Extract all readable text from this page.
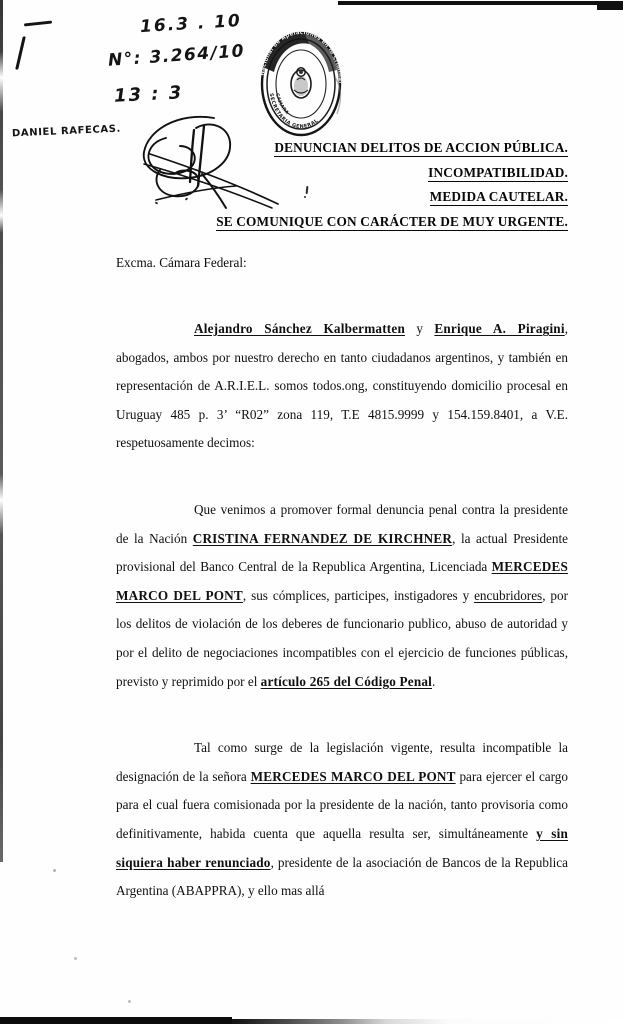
16.3 . 10
N°: 3.264/10
13 : 3
DANIEL RAFECAS.
Nacional de Apelaciones en lo Criminal
SECRETARIA GENERAL
CAMARA
DENUNCIAN DELITOS DE ACCION PÚBLICA.
INCOMPATIBILIDAD.
MEDIDA CAUTELAR.
SE COMUNIQUE CON CARÁCTER DE MUY URGENTE.

Excma. Cámara Federal:

Alejandro Sánchez Kalbermatten y Enrique A. Piragini, abogados, ambos por nuestro derecho en tanto ciudadanos argentinos, y también en representación de A.R.I.E.L. somos todos.ong, constituyendo domicilio procesal en Uruguay 485 p. 3’ “R02” zona 119, T.E 4815.9999 y 154.159.8401, a V.E. respetuosamente decimos:

Que venimos a promover formal denuncia penal contra la presidente de la Nación CRISTINA FERNANDEZ DE KIRCHNER, la actual Presidente provisional del Banco Central de la Republica Argentina, Licenciada MERCEDES MARCO DEL PONT, sus cómplices, participes, instigadores y encubridores, por los delitos de violación de los deberes de funcionario publico, abuso de autoridad y por el delito de negociaciones incompatibles con el ejercicio de funciones públicas, previsto y reprimido por el artículo 265 del Código Penal.

Tal como surge de la legislación vigente, resulta incompatible la designación de la señora MERCEDES MARCO DEL PONT para ejercer el cargo para el cual fuera comisionada por la presidente de la nación, tanto provisoria como definitivamente, habida cuenta que aquella resulta ser, simultáneamente y sin siquiera haber renunciado, presidente de la asociación de Bancos de la Republica Argentina (ABAPPRA), y ello mas allá
